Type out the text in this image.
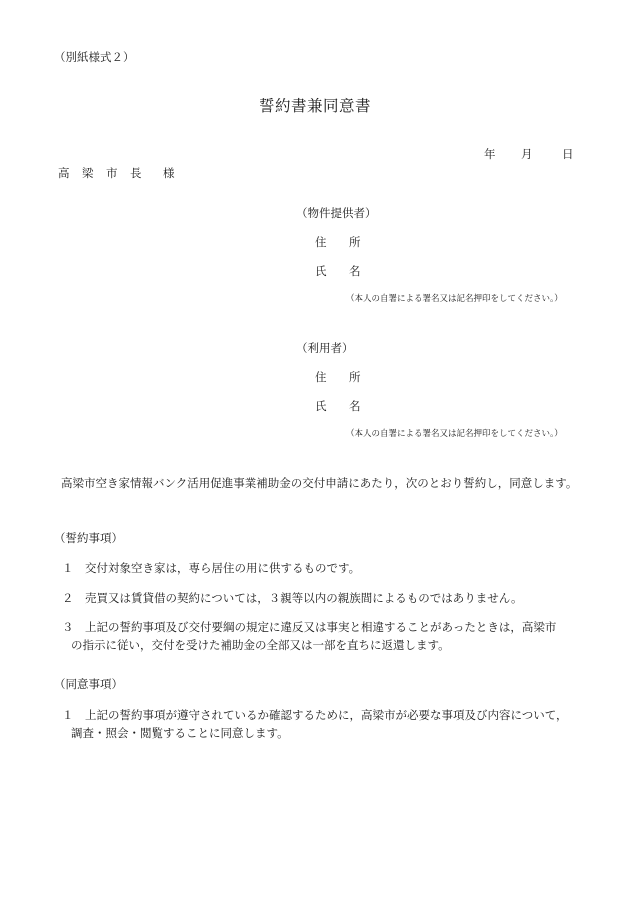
（別紙様式２）
誓約書兼同意書
年 月	日
高 梁 市 長 様
（物件提供者）
住 所
氏 名
（本人の自署による署名又は記名押印をしてください。）
（利用者）
住 所
氏 名
（本人の自署による署名又は記名押印をしてください。）
高梁市空き家情報バンク活用促進事業補助金の交付申請にあたり，次のとおり誓約し，同意します。
（誓約事項）
１ 交付対象空き家は，専ら居住の用に供するものです。
２ 売買又は賃貸借の契約については，３親等以内の親族間によるものではありません。
３ 上記の誓約事項及び交付要綱の規定に違反又は事実と相違することがあったときは，高梁市
の指示に従い，交付を受けた補助金の全部又は一部を直ちに返還します。
（同意事項）
１ 上記の誓約事項が遵守されているか確認するために，高梁市が必要な事項及び内容について，
調査・照会・閲覧することに同意します。
